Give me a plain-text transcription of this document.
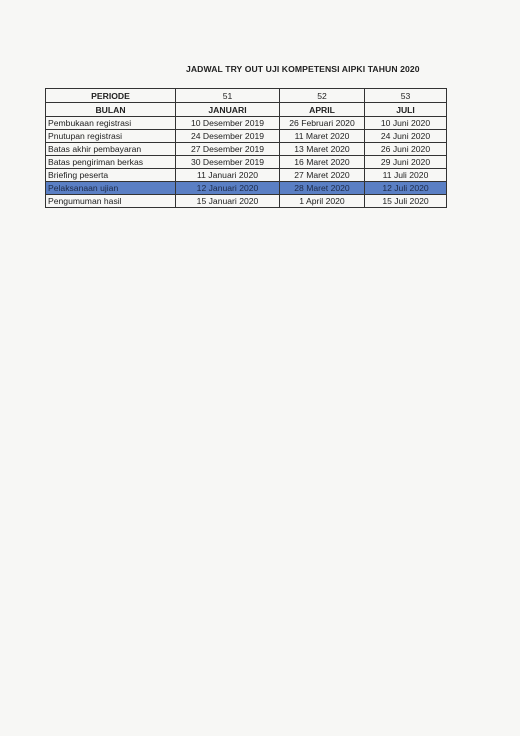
JADWAL TRY OUT UJI KOMPETENSI AIPKI TAHUN 2020
PERIODE	51	52	53
BULAN	JANUARI	APRIL	JULI
Pembukaan registrasi	10 Desember 2019	26 Februari 2020	10 Juni 2020
Pnutupan registrasi	24 Desember 2019	11 Maret 2020	24 Juni 2020
Batas akhir pembayaran	27 Desember 2019	13 Maret 2020	26 Juni 2020
Batas pengiriman berkas	30 Desember 2019	16 Maret 2020	29 Juni 2020
Briefing peserta	11 Januari 2020	27 Maret 2020	11 Juli 2020
Pelaksanaan ujian	12 Januari 2020	28 Maret 2020	12 Juli 2020
Pengumuman hasil	15 Januari 2020	1 April 2020	15 Juli 2020
